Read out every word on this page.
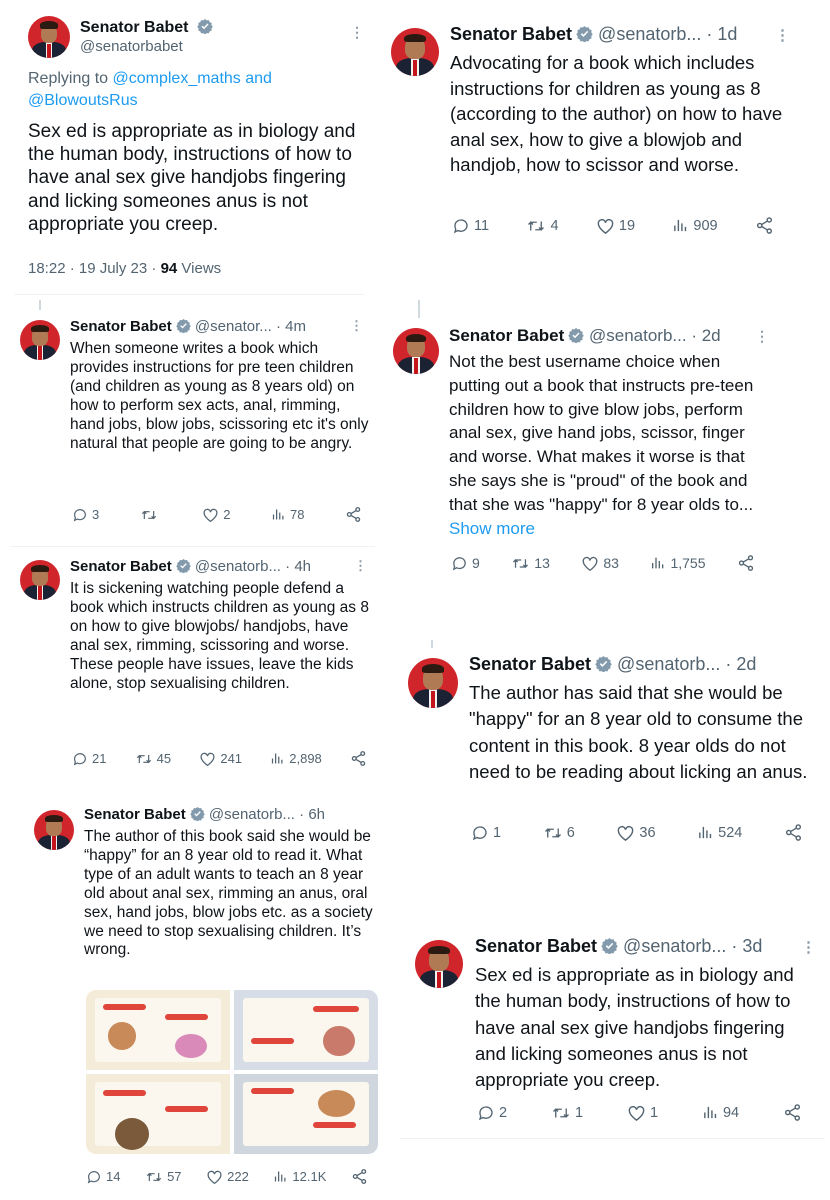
Senator Babet
@senatorbabet
⋮
Replying to @complex_maths and
@BlowoutsRus
Sex ed is appropriate as in biology and the human body, instructions of how to have anal sex give handjobs fingering and licking someones anus is not appropriate you creep.
18:22 · 19 July 23 · 94 Views
Senator Babet @senator... · 4m	⋮
When someone writes a book which provides instructions for pre teen children (and children as young as 8 years old) on how to perform sex acts, anal, rimming, hand jobs, blow jobs, scissoring etc it's only natural that people are going to be angry.
3	2	78
Senator Babet @senatorb... · 4h	⋮
It is sickening watching people defend a book which instructs children as young as 8 on how to give blowjobs/ handjobs, have anal sex, rimming, scissoring and worse. These people have issues, leave the kids alone, stop sexualising children.
21	45	241	2,898
Senator Babet @senatorb... · 6h
The author of this book said she would be “happy” for an 8 year old to read it. What type of an adult wants to teach an 8 year old about anal sex, rimming an anus, oral sex, hand jobs, blow jobs etc. as a society we need to stop sexualising children. It’s wrong.
14	57	222	12.1K
Senator Babet @senatorb... · 1d	⋮
Advocating for a book which includes instructions for children as young as 8 (according to the author) on how to have anal sex, how to give a blowjob and handjob, how to scissor and worse.
11	4	19	909
Senator Babet @senatorb... · 2d ⋮
Not the best username choice when putting out a book that instructs pre-teen children how to give blow jobs, perform anal sex, give hand jobs, scissor, finger and worse. What makes it worse is that she says she is "proud" of the book and that she was "happy" for 8 year olds to... Show more
9	13	83	1,755
Senator Babet @senatorb... · 2d
The author has said that she would be "happy" for an 8 year old to consume the content in this book. 8 year olds do not need to be reading about licking an anus.
1	6	36	524
Senator Babet @senatorb... · 3d	⋮
Sex ed is appropriate as in biology and the human body, instructions of how to have anal sex give handjobs fingering and licking someones anus is not appropriate you creep.
2	1	1	94
